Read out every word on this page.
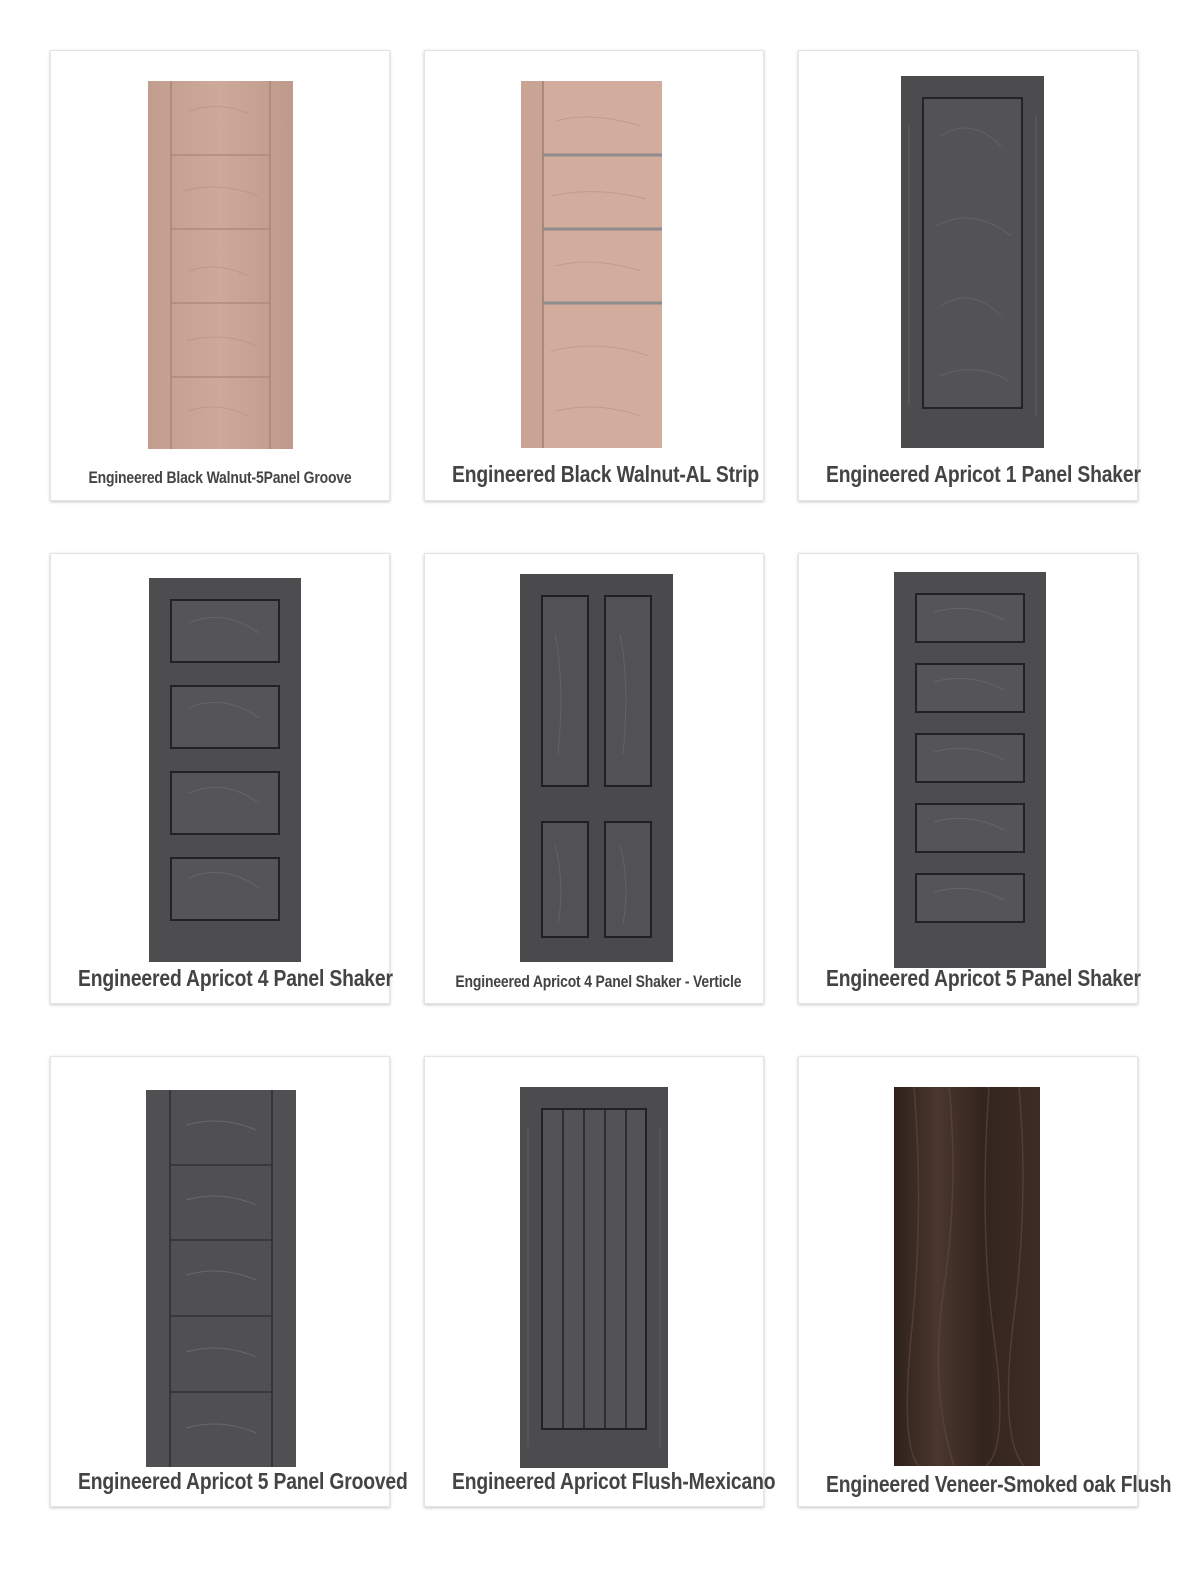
Engineered Black Walnut-5Panel Groove	Engineered Black Walnut-AL Strip	Engineered Apricot 1 Panel Shaker
Engineered Apricot 4 Panel Shaker	Engineered Apricot 4 Panel Shaker - Verticle	Engineered Apricot 5 Panel Shaker
Engineered Apricot 5 Panel Grooved Engineered Apricot Flush-Mexicano Engineered Veneer-Smoked oak Flush
